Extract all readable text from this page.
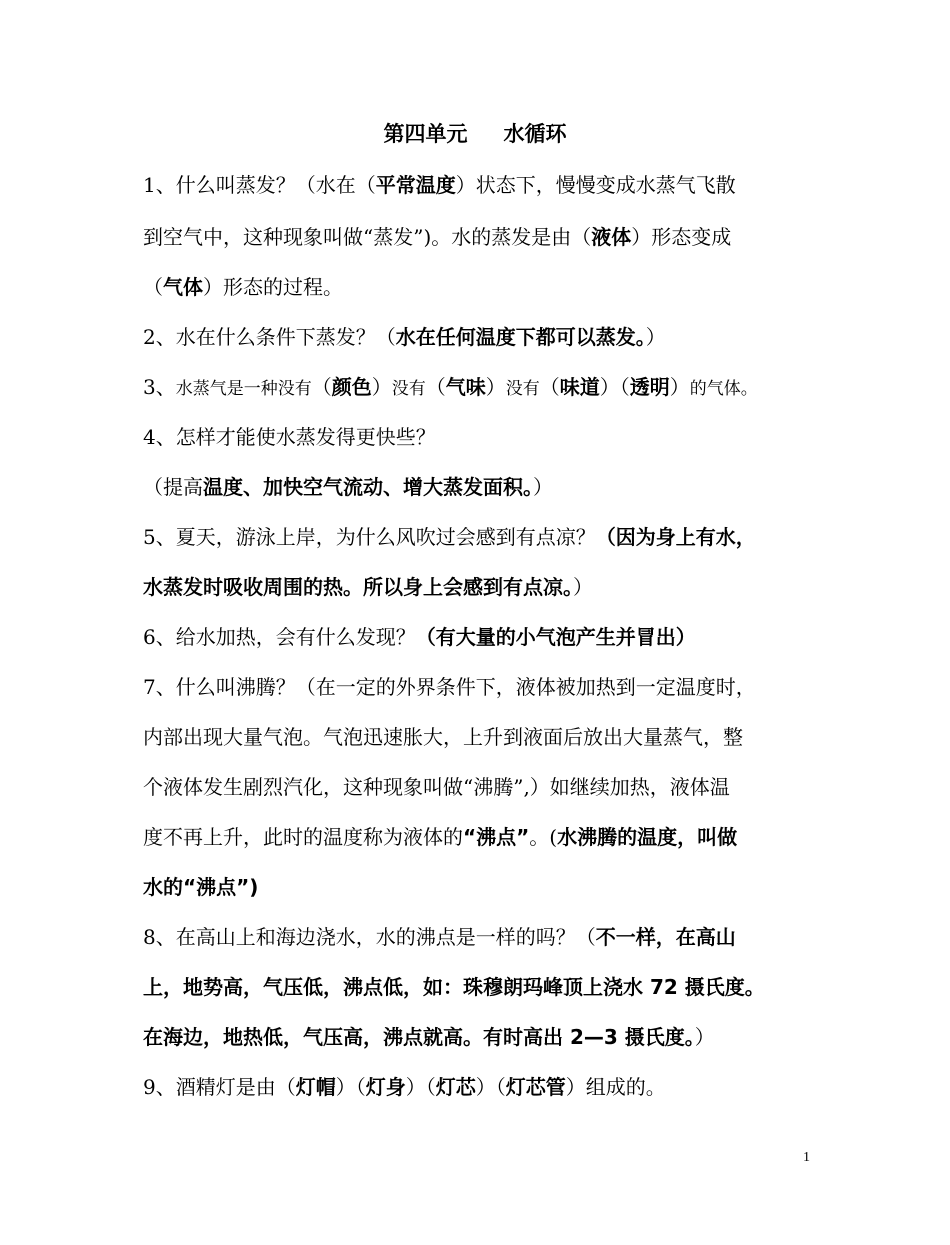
第四单元 水循环
1、什么叫蒸发？（水在（平常温度）状态下，慢慢变成水蒸气飞散
到空气中，这种现象叫做“蒸发”)。水的蒸发是由（液体）形态变成
（气体）形态的过程。
2、水在什么条件下蒸发？（水在任何温度下都可以蒸发。）
3、水蒸气是一种没有（颜色）没有（气味）没有（味道）（透明）的气体。
4、怎样才能使水蒸发得更快些？
（提高温度、加快空气流动、增大蒸发面积。）
5、夏天，游泳上岸，为什么风吹过会感到有点凉？（因为身上有水，
水蒸发时吸收周围的热。所以身上会感到有点凉。）
6、给水加热，会有什么发现？（有大量的小气泡产生并冒出）
7、什么叫沸腾？（在一定的外界条件下，液体被加热到一定温度时，
内部出现大量气泡。气泡迅速胀大，上升到液面后放出大量蒸气，整
个液体发生剧烈汽化，这种现象叫做“沸腾”,）如继续加热，液体温
度不再上升，此时的温度称为液体的“沸点”。(水沸腾的温度，叫做
水的“沸点”)
8、在高山上和海边浇水，水的沸点是一样的吗？（不一样，在高山
上，地势高，气压低，沸点低，如：珠穆朗玛峰顶上浇水 72 摄氏度。
在海边，地热低，气压高，沸点就高。有时高出 2—3 摄氏度。）
9、酒精灯是由（灯帽）（灯身）（灯芯）（灯芯管）组成的。
1
